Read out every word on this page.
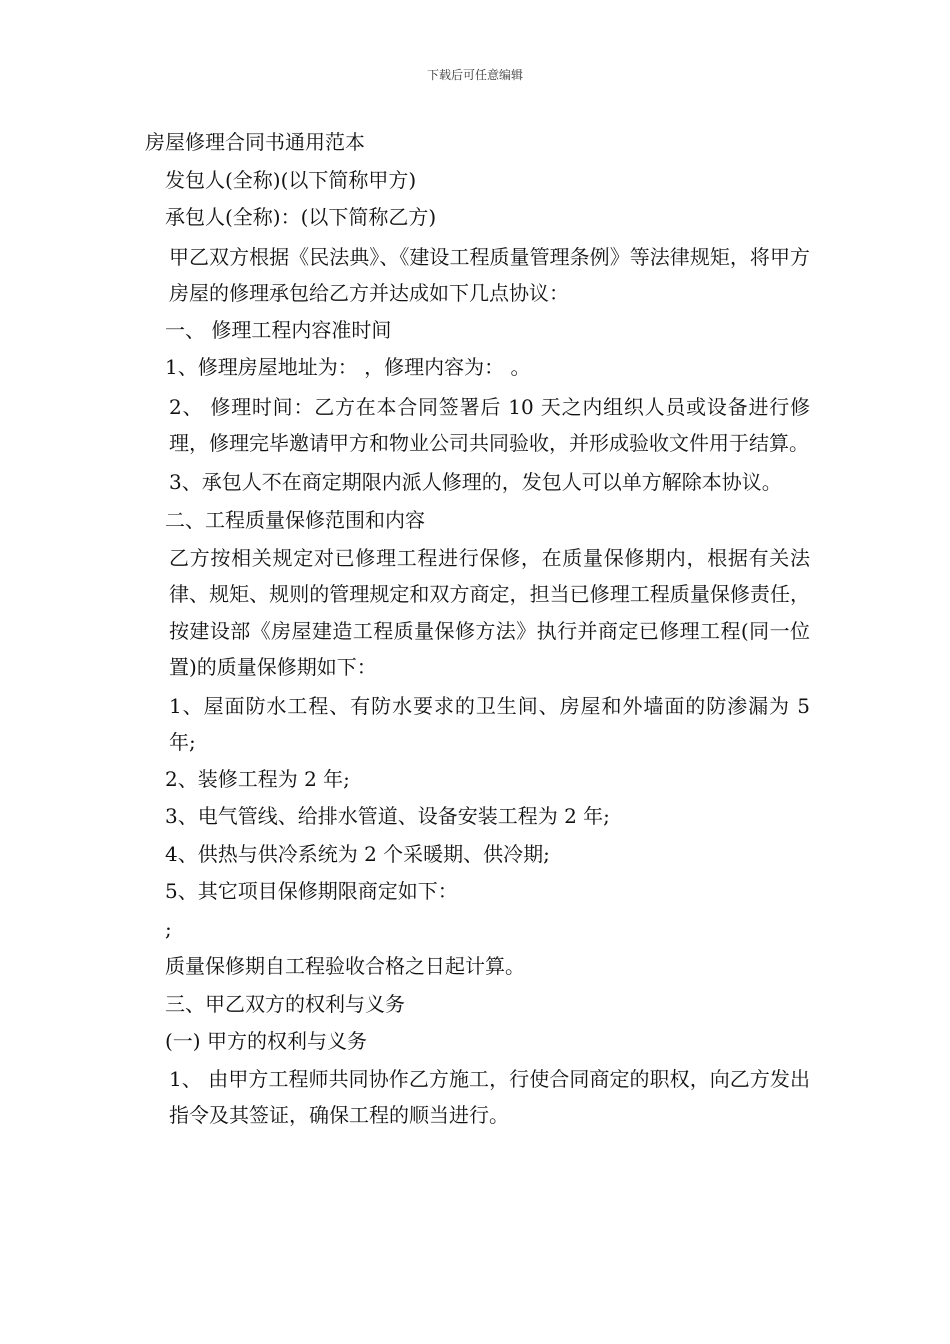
下载后可任意编辑

房屋修理合同书通用范本

发包人(全称)(以下简称甲方)

承包人(全称)：(以下简称乙方)

甲乙双方根据《民法典》、《建设工程质量管理条例》等法律规矩，将甲方房屋的修理承包给乙方并达成如下几点协议：

一、 修理工程内容准时间

1、修理房屋地址为： ，修理内容为： 。

2、 修理时间：乙方在本合同签署后 10 天之内组织人员或设备进行修理，修理完毕邀请甲方和物业公司共同验收，并形成验收文件用于结算。

3、承包人不在商定期限内派人修理的，发包人可以单方解除本协议。

二、工程质量保修范围和内容

乙方按相关规定对已修理工程进行保修，在质量保修期内，根据有关法律、规矩、规则的管理规定和双方商定，担当已修理工程质量保修责任，按建设部《房屋建造工程质量保修方法》执行并商定已修理工程(同一位置)的质量保修期如下：

1、屋面防水工程、有防水要求的卫生间、房屋和外墙面的防渗漏为 5 年;

2、装修工程为 2 年;

3、电气管线、给排水管道、设备安装工程为 2 年;

4、供热与供冷系统为 2 个采暖期、供冷期;

5、其它项目保修期限商定如下：

;

质量保修期自工程验收合格之日起计算。

三、甲乙双方的权利与义务

(一) 甲方的权利与义务

1、 由甲方工程师共同协作乙方施工，行使合同商定的职权，向乙方发出指令及其签证，确保工程的顺当进行。
